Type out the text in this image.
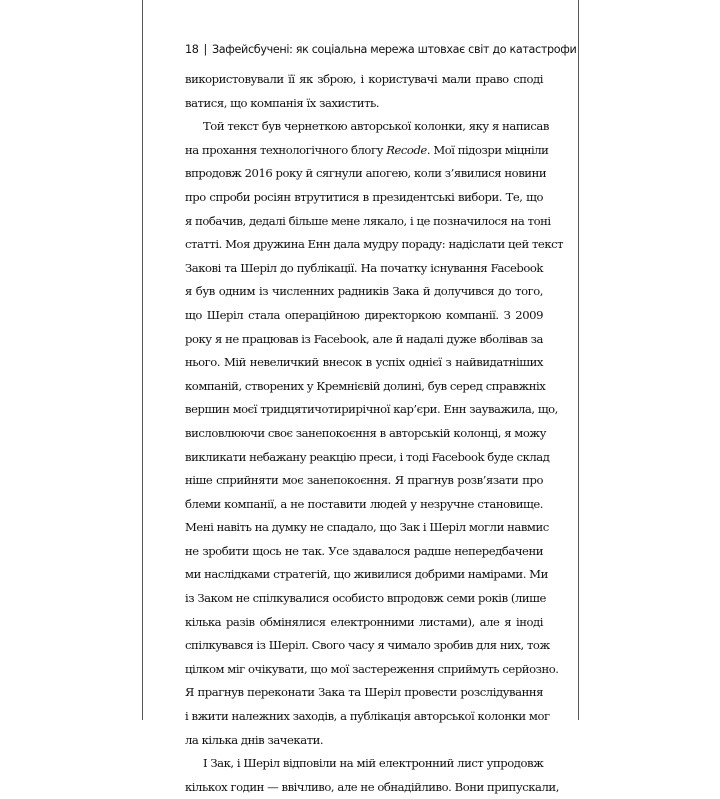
18 | Зафейсбучені: як соціальна мережа штовхає світ до катастрофи
використовували її як зброю, і користувачі мали право споді
ватися, що компанія їх захистить.
Той текст був чернеткою авторської колонки, яку я написав
на прохання технологічного блогу Recode. Мої підозри міцніли
впродовж 2016 року й сягнули апогею, коли з’явилися новини
про спроби росіян втрутитися в президентські вибори. Те, що
я побачив, дедалі більше мене лякало, і це позначилося на тоні
статті. Моя дружина Енн дала мудру пораду: надіслати цей текст
Закові та Шеріл до публікації. На початку існування Facebook
я був одним із численних радників Зака й долучився до того,
що Шеріл стала операційною директоркою компанії. З 2009
року я не працював із Facebook, але й надалі дуже вболівав за
нього. Мій невеличкий внесок в успіх однієї з найвидатніших
компаній, створених у Кремнієвій долині, був серед справжніх
вершин моєї тридцятичотирирічної кар’єри. Енн зауважила, що,
висловлюючи своє занепокоєння в авторській колонці, я можу
викликати небажану реакцію преси, і тоді Facebook буде склад
ніше сприйняти моє занепокоєння. Я прагнув розв’язати про
блеми компанії, а не поставити людей у незручне становище.
Мені навіть на думку не спадало, що Зак і Шеріл могли навмис
не зробити щось не так. Усе здавалося радше непередбачени
ми наслідками стратегій, що живилися добрими намірами. Ми
із Заком не спілкувалися особисто впродовж семи років (лише
кілька разів обмінялися електронними листами), але я іноді
спілкувався із Шеріл. Свого часу я чимало зробив для них, тож
цілком міг очікувати, що мої застереження сприймуть серйозно.
Я прагнув переконати Зака та Шеріл провести розслідування
і вжити належних заходів, а публікація авторської колонки мог
ла кілька днів зачекати.
І Зак, і Шеріл відповіли на мій електронний лист упродовж
кількох годин — ввічливо, але не обнадійливо. Вони припускали,
